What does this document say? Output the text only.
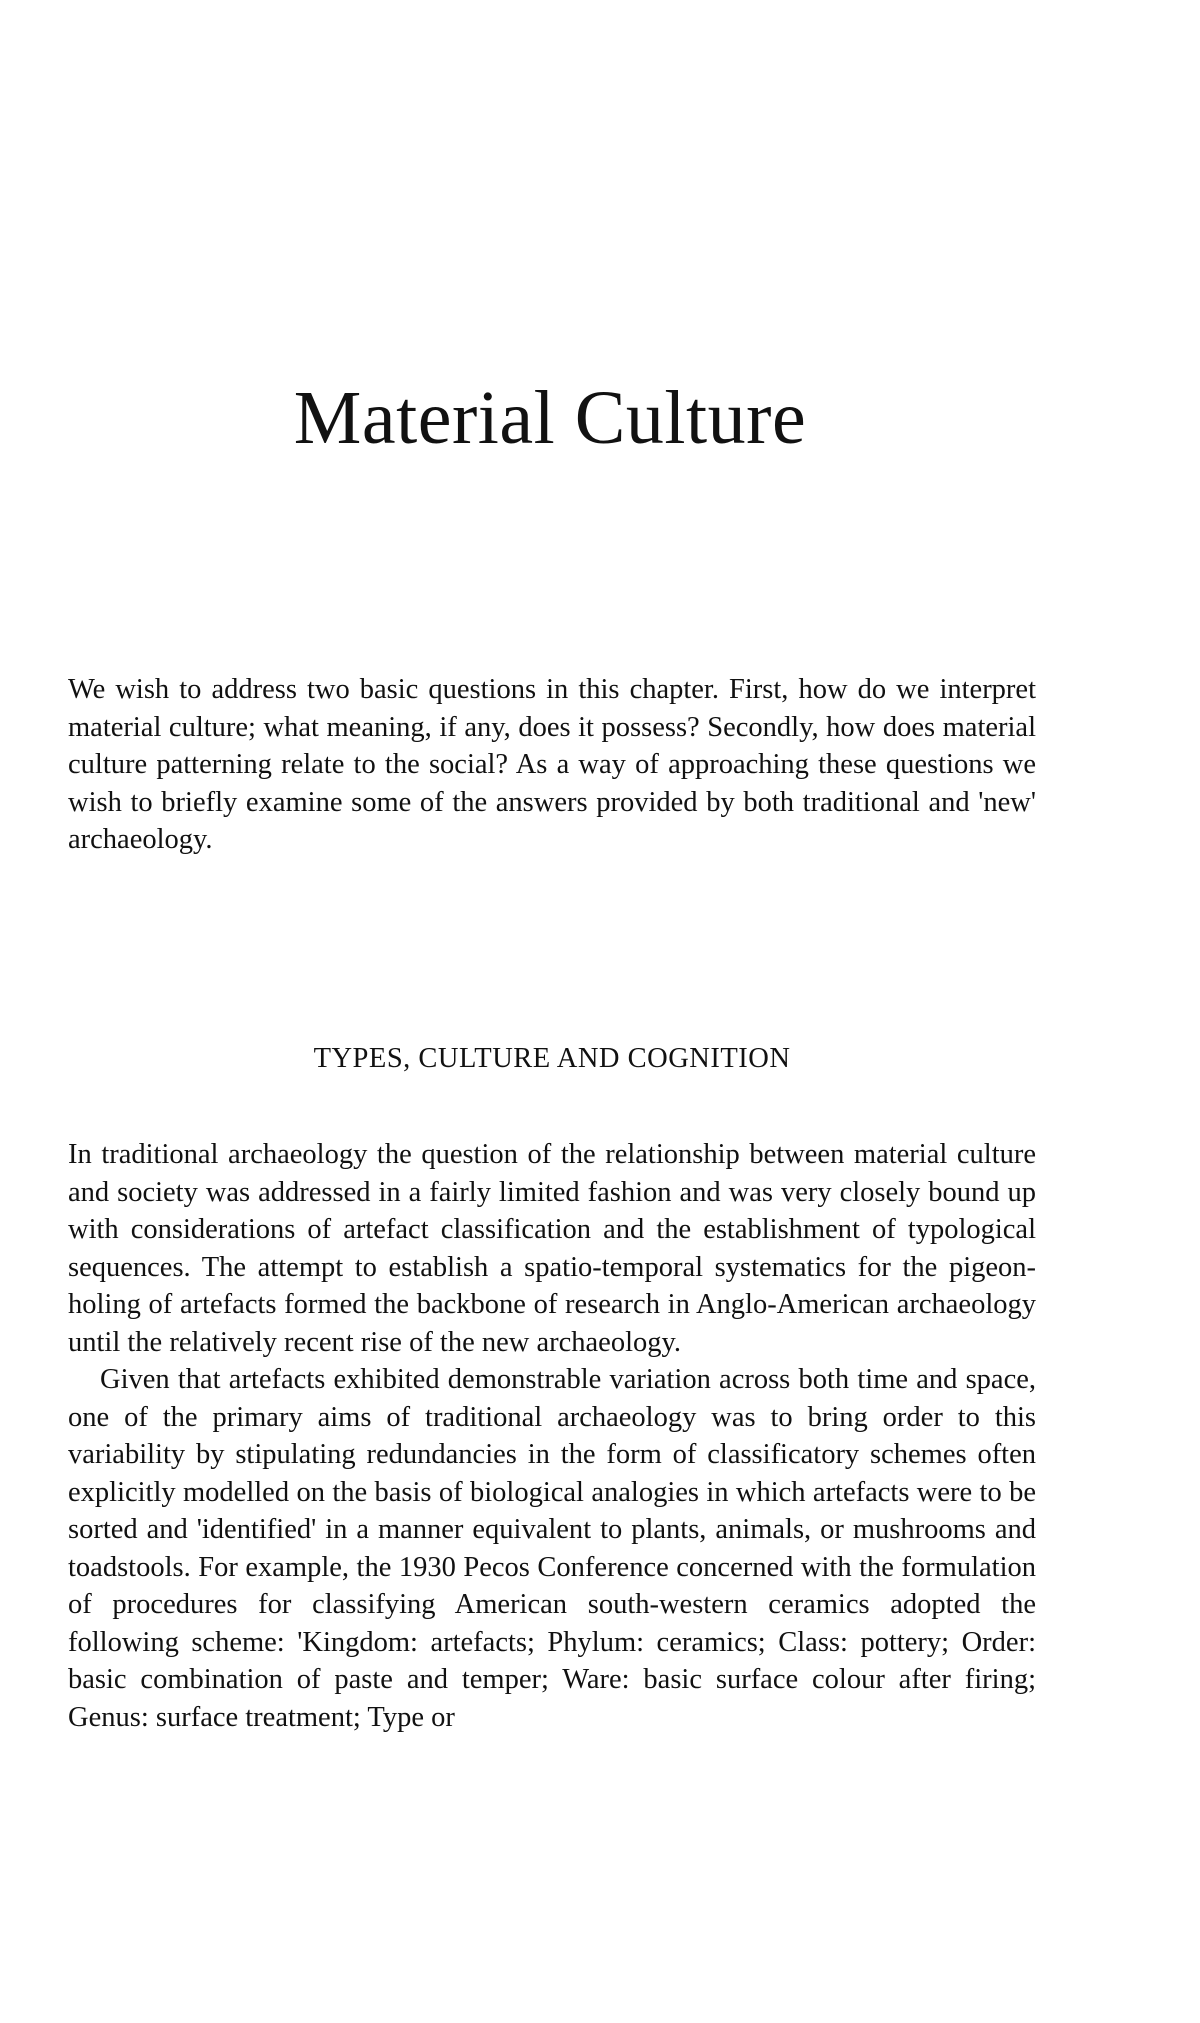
Material Culture

We wish to address two basic questions in this chapter. First, how do we interpret material culture; what meaning, if any, does it possess? Secondly, how does material culture patterning relate to the social? As a way of approaching these questions we wish to briefly examine some of the answers provided by both traditional and 'new' archaeology.

TYPES, CULTURE AND COGNITION

In traditional archaeology the question of the relationship between material culture and society was addressed in a fairly limited fashion and was very closely bound up with considerations of artefact classification and the establishment of typological sequences. The attempt to establish a spatio-temporal systematics for the pigeon-holing of artefacts formed the backbone of research in Anglo-American archaeology until the relatively recent rise of the new archaeology.

Given that artefacts exhibited demonstrable variation across both time and space, one of the primary aims of traditional archaeology was to bring order to this variability by stipulating redundancies in the form of classificatory schemes often explicitly modelled on the basis of biological analogies in which artefacts were to be sorted and 'identified' in a manner equivalent to plants, animals, or mushrooms and toadstools. For example, the 1930 Pecos Conference concerned with the formulation of procedures for classifying American south-western ceramics adopted the following scheme: 'Kingdom: artefacts; Phylum: ceramics; Class: pottery; Order: basic combination of paste and temper; Ware: basic surface colour after firing; Genus: surface treatment; Type or
